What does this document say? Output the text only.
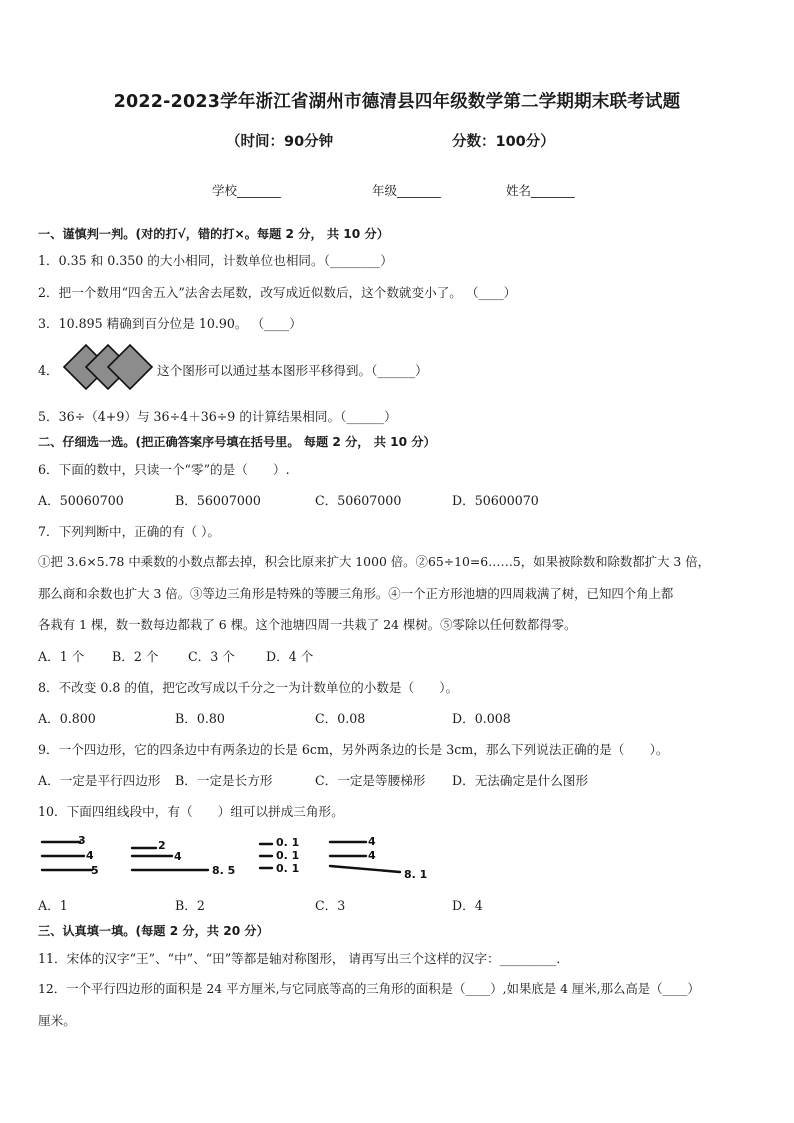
2022-2023学年浙江省湖州市德清县四年级数学第二学期期末联考试题
（时间：90分钟	分数：100分）
学校_______	年级_______	姓名_______
一、谨慎判一判。(对的打√，错的打×。每题 2 分， 共 10 分）
1．0.35 和 0.350 的大小相同，计数单位也相同。（________）
2．把一个数用“四舍五入”法舍去尾数，改写成近似数后，这个数就变小了。 （____）
3．10.895 精确到百分位是 10.90。 （____）
4．	这个图形可以通过基本图形平移得到。（______）
5．36÷（4+9）与 36÷4＋36÷9 的计算结果相同。（______）
二、仔细选一选。(把正确答案序号填在括号里。 每题 2 分， 共 10 分）
6．下面的数中，只读一个“零”的是（　　）.
A．50060700	B．56007000	C．50607000	D．50600070
7．下列判断中，正确的有（ ）。
①把 3.6×5.78 中乘数的小数点都去掉，积会比原来扩大 1000 倍。②65÷10=6……5，如果被除数和除数都扩大 3 倍，
那么商和余数也扩大 3 倍。③等边三角形是特殊的等腰三角形。④一个正方形池塘的四周栽满了树，已知四个角上都
各栽有 1 棵，数一数每边都栽了 6 棵。这个池塘四周一共栽了 24 棵树。⑤零除以任何数都得零。
A．1 个 B．2 个 C．3 个 D．4 个
8．不改变 0.8 的值，把它改写成以千分之一为计数单位的小数是（　　）。
A．0.800	B．0.80	C．0.08	D．0.008
9．一个四边形，它的四条边中有两条边的长是 6cm，另外两条边的长是 3cm，那么下列说法正确的是（　　）。
A．一定是平行四边形 B．一定是长方形	C．一定是等腰梯形 D．无法确定是什么图形
10．下面四组线段中，有（　　）组可以拼成三角形。
3
4
5
2
4
8. 5
0. 1
0. 1
0. 1
4
4
8. 1
A．1	B．2	C．3	D．4
三、认真填一填。(每题 2 分，共 20 分）
11．宋体的汉字“王”、“中”、“田”等都是轴对称图形， 请再写出三个这样的汉字：_________．
12．一个平行四边形的面积是 24 平方厘米,与它同底等高的三角形的面积是（____）,如果底是 4 厘米,那么高是（____）
厘米。
